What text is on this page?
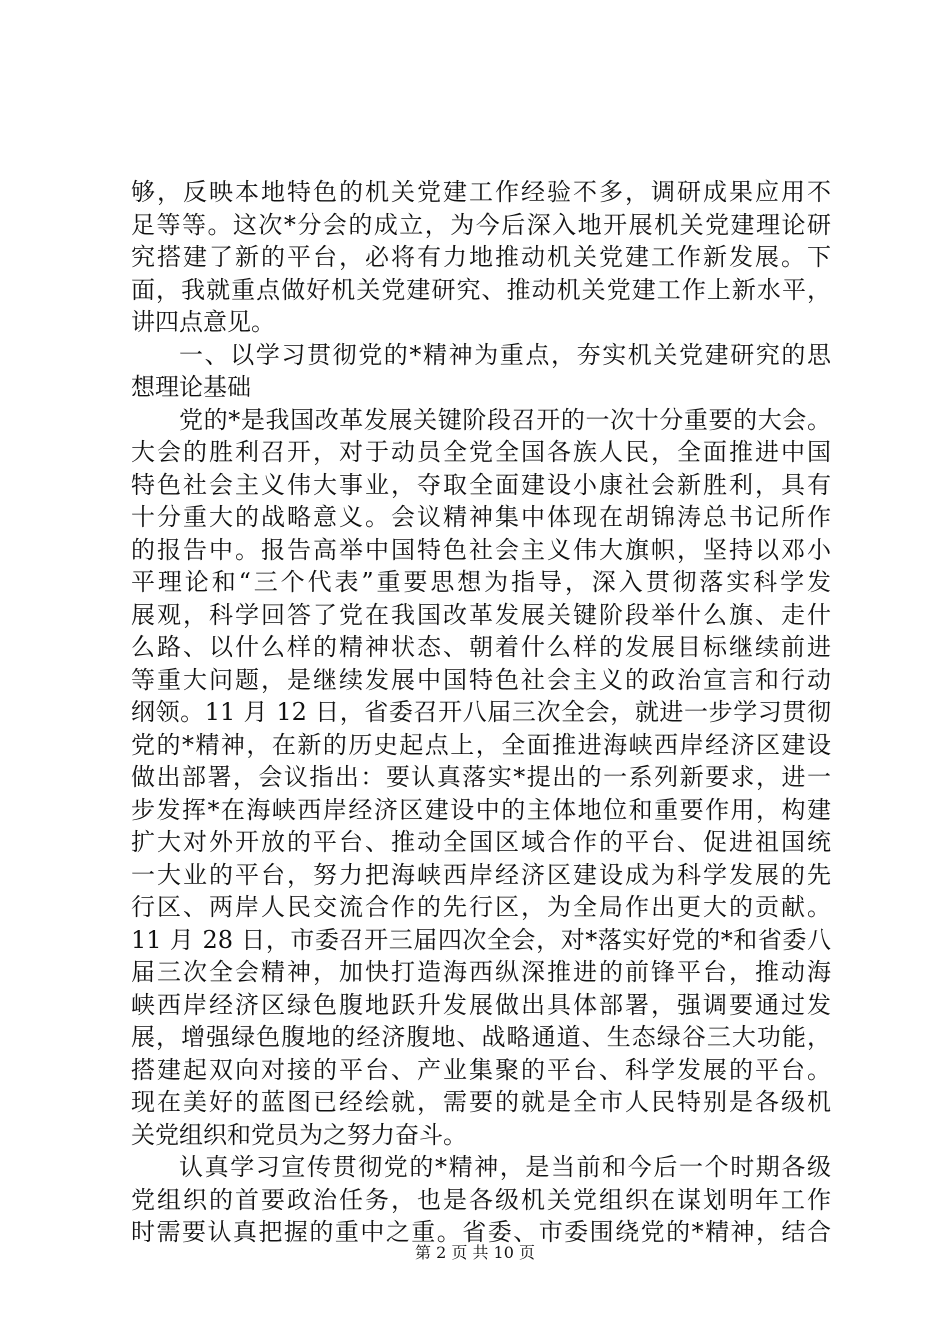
够，反映本地特色的机关党建工作经验不多，调研成果应用不
足等等。这次*分会的成立，为今后深入地开展机关党建理论研
究搭建了新的平台，必将有力地推动机关党建工作新发展。下
面，我就重点做好机关党建研究、推动机关党建工作上新水平，
讲四点意见。
一、以学习贯彻党的*精神为重点，夯实机关党建研究的思
想理论基础
党的*是我国改革发展关键阶段召开的一次十分重要的大会。
大会的胜利召开，对于动员全党全国各族人民，全面推进中国
特色社会主义伟大事业，夺取全面建设小康社会新胜利，具有
十分重大的战略意义。会议精神集中体现在胡锦涛总书记所作
的报告中。报告高举中国特色社会主义伟大旗帜，坚持以邓小
平理论和“三个代表”重要思想为指导，深入贯彻落实科学发
展观，科学回答了党在我国改革发展关键阶段举什么旗、走什
么路、以什么样的精神状态、朝着什么样的发展目标继续前进
等重大问题，是继续发展中国特色社会主义的政治宣言和行动
纲领。11 月 12 日，省委召开八届三次全会，就进一步学习贯彻
党的*精神，在新的历史起点上，全面推进海峡西岸经济区建设
做出部署，会议指出：要认真落实*提出的一系列新要求，进一
步发挥*在海峡西岸经济区建设中的主体地位和重要作用，构建
扩大对外开放的平台、推动全国区域合作的平台、促进祖国统
一大业的平台，努力把海峡西岸经济区建设成为科学发展的先
行区、两岸人民交流合作的先行区，为全局作出更大的贡献。
11 月 28 日，市委召开三届四次全会，对*落实好党的*和省委八
届三次全会精神，加快打造海西纵深推进的前锋平台，推动海
峡西岸经济区绿色腹地跃升发展做出具体部署，强调要通过发
展，增强绿色腹地的经济腹地、战略通道、生态绿谷三大功能，
搭建起双向对接的平台、产业集聚的平台、科学发展的平台。
现在美好的蓝图已经绘就，需要的就是全市人民特别是各级机
关党组织和党员为之努力奋斗。
认真学习宣传贯彻党的*精神，是当前和今后一个时期各级
党组织的首要政治任务，也是各级机关党组织在谋划明年工作
时需要认真把握的重中之重。省委、市委围绕党的*精神，结合
第 2 页 共 10 页
